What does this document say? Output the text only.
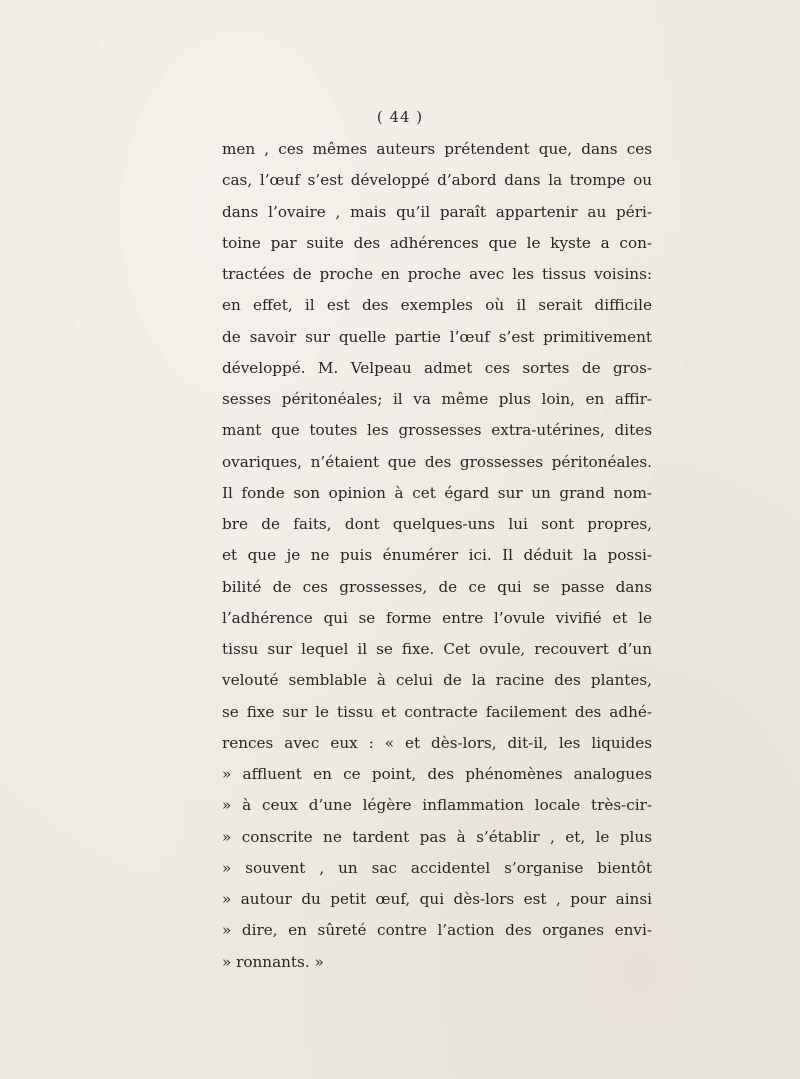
( 44 )
men , ces mêmes auteurs prétendent que, dans ces
cas, l’œuf s’est développé d’abord dans la trompe ou
dans l’ovaire , mais qu’il paraît appartenir au péri-
toine par suite des adhérences que le kyste a con-
tractées de proche en proche avec les tissus voisins:
en effet, il est des exemples où il serait difficile
de savoir sur quelle partie l’œuf s’est primitivement
développé. M. Velpeau admet ces sortes de gros-
sesses péritonéales; il va même plus loin, en affir-
mant que toutes les grossesses extra-utérines, dites
ovariques, n’étaient que des grossesses péritonéales.
Il fonde son opinion à cet égard sur un grand nom-
bre de faits, dont quelques-uns lui sont propres,
et que je ne puis énumérer ici. Il déduit la possi-
bilité de ces grossesses, de ce qui se passe dans
l’adhérence qui se forme entre l’ovule vivifié et le
tissu sur lequel il se fixe. Cet ovule, recouvert d’un
velouté semblable à celui de la racine des plantes,
se fixe sur le tissu et contracte facilement des adhé-
rences avec eux : « et dès-lors, dit-il, les liquides
» affluent en ce point, des phénomènes analogues
» à ceux d’une légère inflammation locale très-cir-
» conscrite ne tardent pas à s’établir , et, le plus
» souvent , un sac accidentel s’organise bientôt
» autour du petit œuf, qui dès-lors est , pour ainsi
» dire, en sûreté contre l’action des organes envi-
» ronnants. »
